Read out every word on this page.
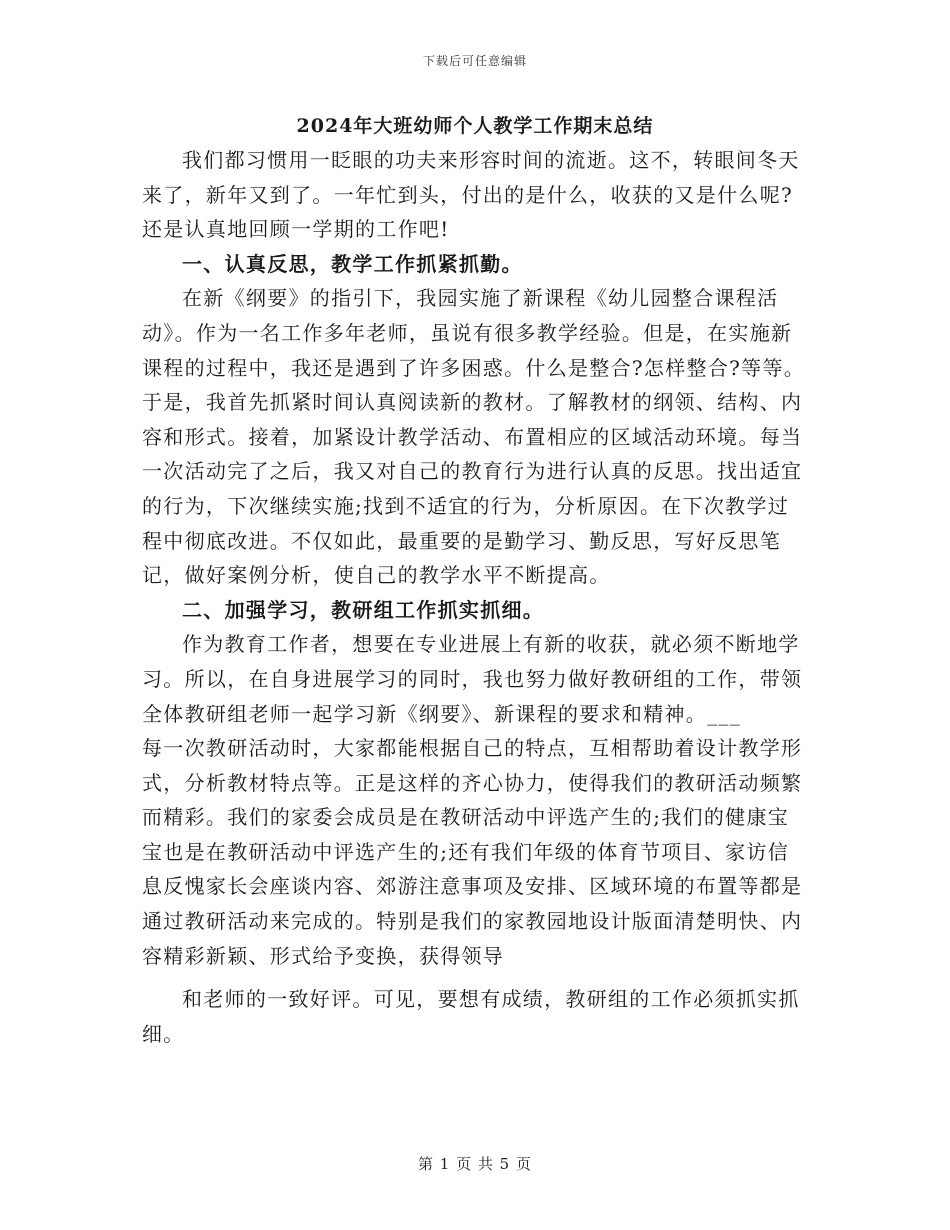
下载后可任意编辑
2024年大班幼师个人教学工作期末总结

我们都习惯用一眨眼的功夫来形容时间的流逝。这不，转眼间冬天来了，新年又到了。一年忙到头，付出的是什么，收获的又是什么呢?还是认真地回顾一学期的工作吧!

一、认真反思，教学工作抓紧抓勤。

在新《纲要》的指引下，我园实施了新课程《幼儿园整合课程活动》。作为一名工作多年老师，虽说有很多教学经验。但是，在实施新课程的过程中，我还是遇到了许多困惑。什么是整合?怎样整合?等等。于是，我首先抓紧时间认真阅读新的教材。了解教材的纲领、结构、内容和形式。接着，加紧设计教学活动、布置相应的区域活动环境。每当一次活动完了之后，我又对自己的教育行为进行认真的反思。找出适宜的行为，下次继续实施;找到不适宜的行为，分析原因。在下次教学过程中彻底改进。不仅如此，最重要的是勤学习、勤反思，写好反思笔记，做好案例分析，使自己的教学水平不断提高。

二、加强学习，教研组工作抓实抓细。

作为教育工作者，想要在专业进展上有新的收获，就必须不断地学习。所以，在自身进展学习的同时，我也努力做好教研组的工作，带领全体教研组老师一起学习新《纲要》、新课程的要求和精神。___

每一次教研活动时，大家都能根据自己的特点，互相帮助着设计教学形式，分析教材特点等。正是这样的齐心协力，使得我们的教研活动频繁而精彩。我们的家委会成员是在教研活动中评选产生的;我们的健康宝宝也是在教研活动中评选产生的;还有我们年级的体育节项目、家访信息反愧家长会座谈内容、郊游注意事项及安排、区域环境的布置等都是通过教研活动来完成的。特别是我们的家教园地设计版面清楚明快、内容精彩新颖、形式给予变换，获得领导

和老师的一致好评。可见，要想有成绩，教研组的工作必须抓实抓细。

第 1 页 共 5 页
